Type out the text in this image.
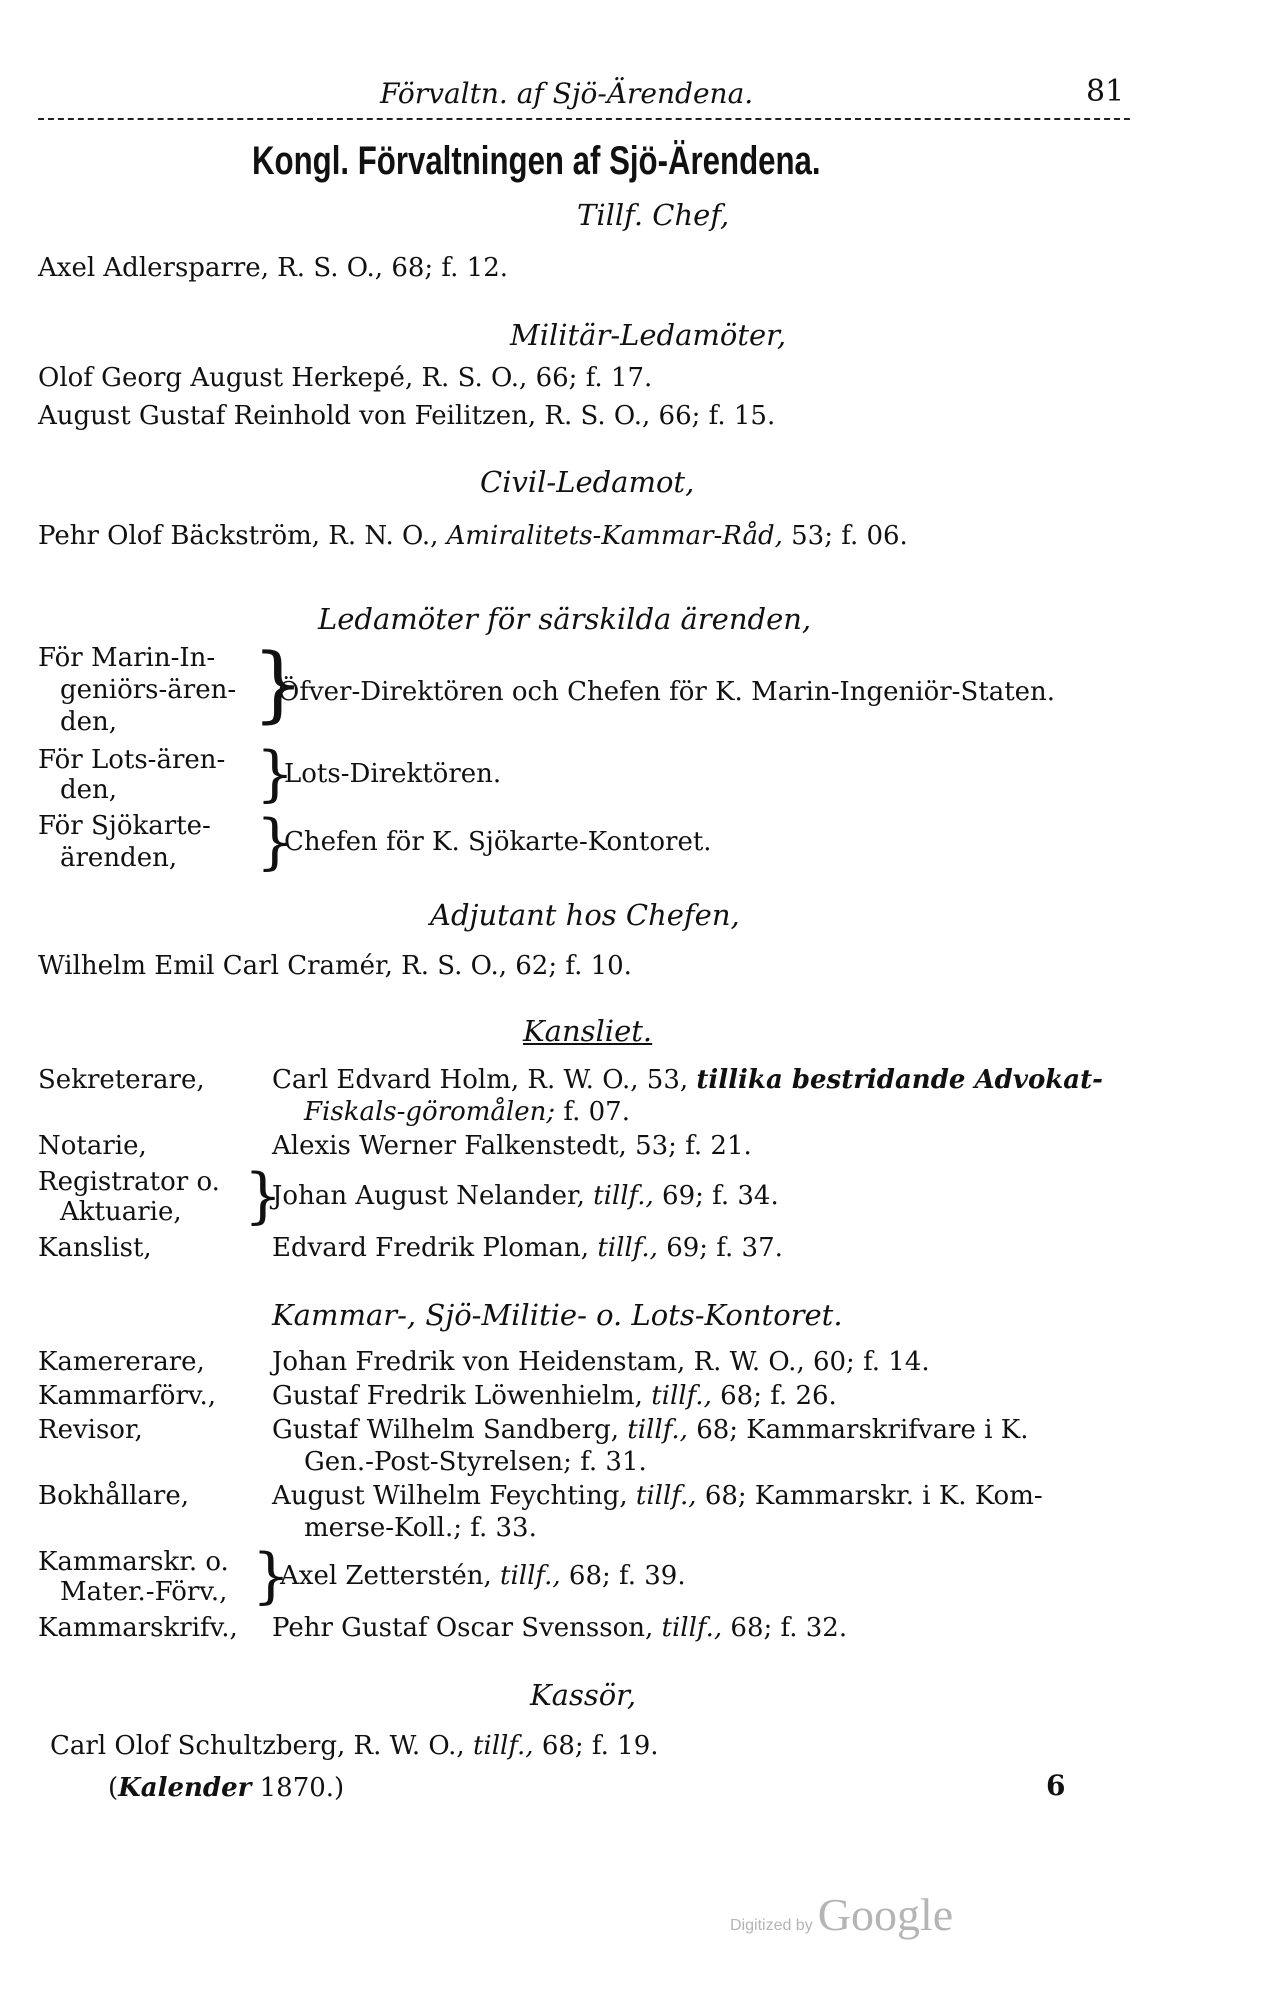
Förvaltn. af Sjö-Ärendena.	81
Kongl. Förvaltningen af Sjö-Ärendena.
Tillf. Chef,
Axel Adlersparre, R. S. O., 68; f. 12.
Militär-Ledamöter,
Olof Georg August Herkepé, R. S. O., 66; f. 17.
August Gustaf Reinhold von Feilitzen, R. S. O., 66; f. 15.
Civil-Ledamot,
Pehr Olof Bäckström, R. N. O., Amiralitets-Kammar-Råd, 53; f. 06.
Ledamöter för särskilda ärenden,
För Marin-In-
geniörs-ären-
den, }
Öfver-Direktören och Chefen för K. Marin-Ingeniör-Staten.
För Lots-ären-
den, }
Lots-Direktören.
För Sjökarte-
ärenden, }
Chefen för K. Sjökarte-Kontoret.
Adjutant hos Chefen,
Wilhelm Emil Carl Cramér, R. S. O., 62; f. 10.
Kansliet.
Sekreterare,	Carl Edvard Holm, R. W. O., 53, tillika bestridande Advokat-
Fiskals-göromålen; f. 07.
Notarie,	Alexis Werner Falkenstedt, 53; f. 21.
Registrator o.
Aktuarie, }
Johan August Nelander, tillf., 69; f. 34.
Kanslist,	Edvard Fredrik Ploman, tillf., 69; f. 37.
Kammar-, Sjö-Militie- o. Lots-Kontoret.
Kamererare,	Johan Fredrik von Heidenstam, R. W. O., 60; f. 14.
Kammarförv., Gustaf Fredrik Löwenhielm, tillf., 68; f. 26.
Revisor,	Gustaf Wilhelm Sandberg, tillf., 68; Kammarskrifvare i K.
Gen.-Post-Styrelsen; f. 31.
Bokhållare,	August Wilhelm Feychting, tillf., 68; Kammarskr. i K. Kom-
merse-Koll.; f. 33.
Kammarskr. o.
Mater.-Förv., }
Axel Zetterstén, tillf., 68; f. 39.
Kammarskrifv., Pehr Gustaf Oscar Svensson, tillf., 68; f. 32.
Kassör,
Carl Olof Schultzberg, R. W. O., tillf., 68; f. 19.
(Kalender 1870.)	6
Digitized by Google
